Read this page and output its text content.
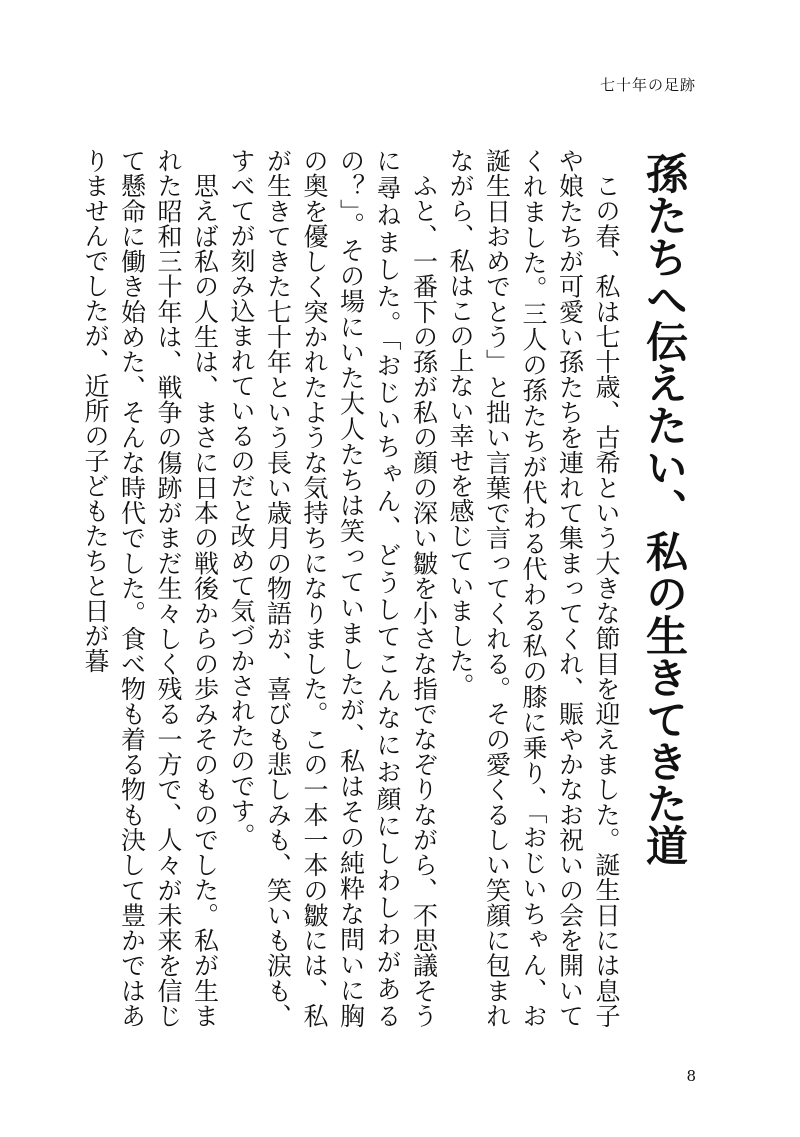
七十年の足跡
孫たちへ伝えたい、私の生きてきた道

この春、私は七十歳、古希という大きな節目を迎えました。誕生日には息子や娘たちが可愛い孫たちを連れて集まってくれ、賑やかなお祝いの会を開いてくれました。三人の孫たちが代わる代わる私の膝に乗り、「おじいちゃん、お誕生日おめでとう」と拙い言葉で言ってくれる。その愛くるしい笑顔に包まれながら、私はこの上ない幸せを感じていました。

ふと、一番下の孫が私の顔の深い皺を小さな指でなぞりながら、不思議そうに尋ねました。「おじいちゃん、どうしてこんなにお顔にしわしわがあるの？」。その場にいた大人たちは笑っていましたが、私はその純粋な問いに胸の奥を優しく突かれたような気持ちになりました。この一本一本の皺には、私が生きてきた七十年という長い歳月の物語が、喜びも悲しみも、笑いも涙も、すべてが刻み込まれているのだと改めて気づかされたのです。

思えば私の人生は、まさに日本の戦後からの歩みそのものでした。私が生まれた昭和三十年は、戦争の傷跡がまだ生々しく残る一方で、人々が未来を信じて懸命に働き始めた、そんな時代でした。食べ物も着る物も決して豊かではありませんでしたが、近所の子どもたちと日が暮

8
